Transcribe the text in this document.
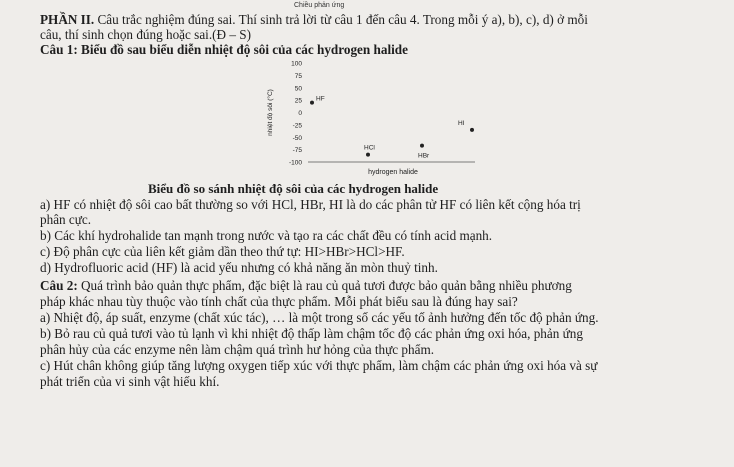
Chiều phản ứng
PHẦN II. Câu trắc nghiệm đúng sai. Thí sinh trả lời từ câu 1 đến câu 4. Trong mỗi ý a), b), c), d) ở mỗi
câu, thí sinh chọn đúng hoặc sai.(Đ – S)
Câu 1: Biểu đồ sau biểu diễn nhiệt độ sôi của các hydrogen halide
100
75
50
25
0
-25
-50
-75
-100
nhiệt độ sôi (°C)
hydrogen halide
HF
HCl
HBr
HI
Biểu đồ so sánh nhiệt độ sôi của các hydrogen halide
a) HF có nhiệt độ sôi cao bất thường so với HCl, HBr, HI là do các phân tử HF có liên kết cộng hóa trị
phân cực.
b) Các khí hydrohalide tan mạnh trong nước và tạo ra các chất đều có tính acid mạnh.
c) Độ phân cực của liên kết giảm dần theo thứ tự: HI>HBr>HCl>HF.
d) Hydrofluoric acid (HF) là acid yếu nhưng có khả năng ăn mòn thuỷ tinh.
Câu 2: Quá trình bảo quản thực phẩm, đặc biệt là rau củ quả tươi được bảo quản bằng nhiều phương
pháp khác nhau tùy thuộc vào tính chất của thực phẩm. Mỗi phát biểu sau là đúng hay sai?
a) Nhiệt độ, áp suất, enzyme (chất xúc tác), … là một trong số các yếu tố ảnh hưởng đến tốc độ phản ứng.
b) Bỏ rau củ quả tươi vào tủ lạnh vì khi nhiệt độ thấp làm chậm tốc độ các phản ứng oxi hóa, phản ứng
phân hủy của các enzyme nên làm chậm quá trình hư hỏng của thực phẩm.
c) Hút chân không giúp tăng lượng oxygen tiếp xúc với thực phẩm, làm chậm các phản ứng oxi hóa và sự
phát triển của vi sinh vật hiếu khí.
